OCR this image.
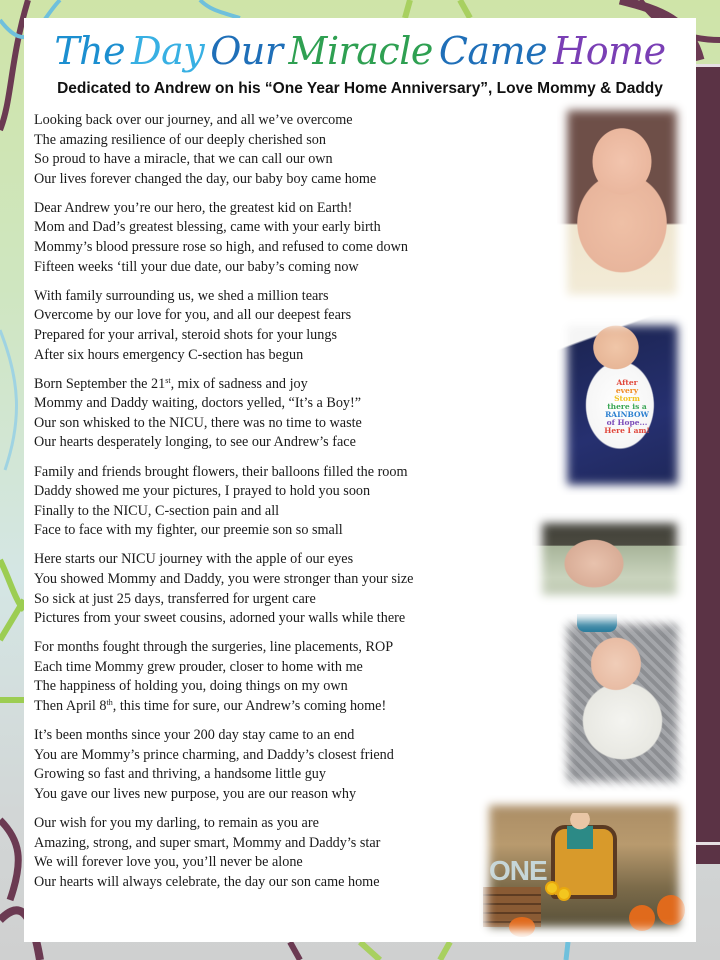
The Day Our Miracle Came Home
Dedicated to Andrew on his “One Year Home Anniversary”, Love Mommy & Daddy
Looking back over our journey, and all we’ve overcome
The amazing resilience of our deeply cherished son
So proud to have a miracle, that we can call our own
Our lives forever changed the day, our baby boy came home
Dear Andrew you’re our hero, the greatest kid on Earth!
Mom and Dad’s greatest blessing, came with your early birth
Mommy’s blood pressure rose so high, and refused to come down
Fifteen weeks ‘till your due date, our baby’s coming now
With family surrounding us, we shed a million tears
Overcome by our love for you, and all our deepest fears
Prepared for your arrival, steroid shots for your lungs
After six hours emergency C-section has begun
Born September the 21st, mix of sadness and joy
Mommy and Daddy waiting, doctors yelled, “It’s a Boy!”
Our son whisked to the NICU, there was no time to waste
Our hearts desperately longing, to see our Andrew’s face
Family and friends brought flowers, their balloons filled the room
Daddy showed me your pictures, I prayed to hold you soon
Finally to the NICU, C-section pain and all
Face to face with my fighter, our preemie son so small
Here starts our NICU journey with the apple of our eyes
You showed Mommy and Daddy, you were stronger than your size
So sick at just 25 days, transferred for urgent care
Pictures from your sweet cousins, adorned your walls while there
For months fought through the surgeries, line placements, ROP
Each time Mommy grew prouder, closer to home with me
The happiness of holding you, doing things on my own
Then April 8th, this time for sure, our Andrew’s coming home!
It’s been months since your 200 day stay came to an end
You are Mommy’s prince charming, and Daddy’s closest friend
Growing so fast and thriving, a handsome little guy
You gave our lives new purpose, you are our reason why
Our wish for you my darling, to remain as you are
Amazing, strong, and super smart, Mommy and Daddy’s star
We will forever love you, you’ll never be alone
Our hearts will always celebrate, the day our son came home
After
every
Storm
there is a
RAINBOW
of Hope...
Here I am!
ONE
